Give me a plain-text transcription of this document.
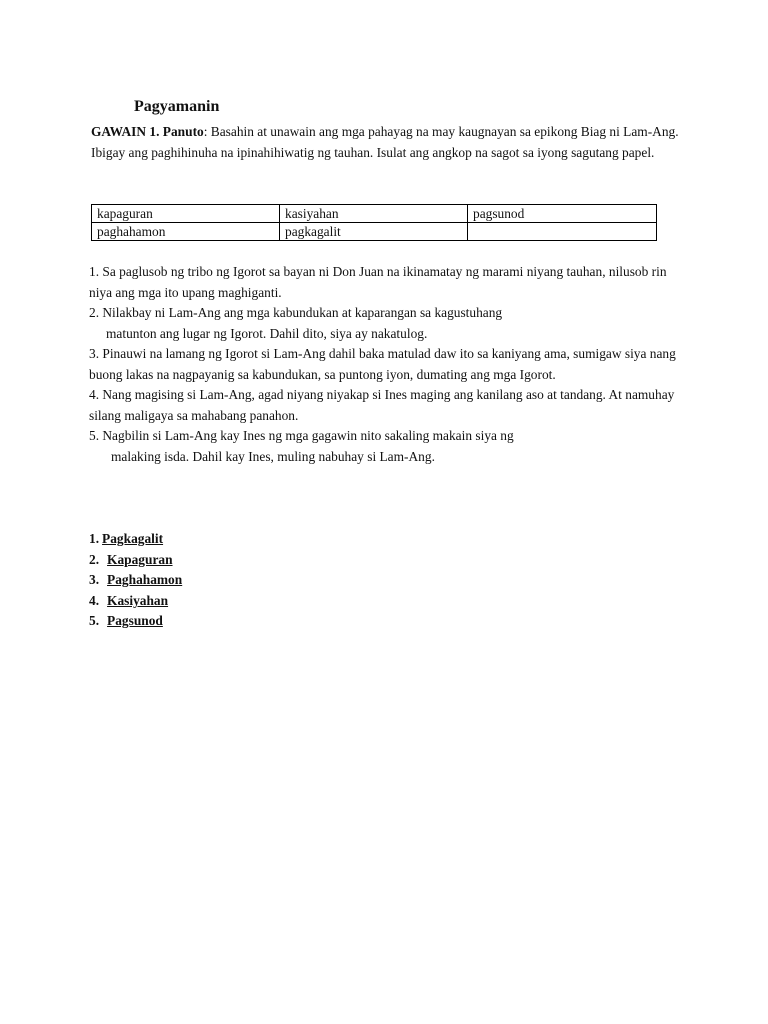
Pagyamanin

GAWAIN 1. Panuto: Basahin at unawain ang mga pahayag na may kaugnayan sa epikong Biag ni Lam-Ang. Ibigay ang paghihinuha na ipinahihiwatig ng tauhan. Isulat ang angkop na sagot sa iyong sagutang papel.

kapaguran	kasiyahan	pagsunod
paghahamon	pagkagalit	
1. Sa paglusob ng tribo ng Igorot sa bayan ni Don Juan na ikinamatay ng marami niyang tauhan, nilusob rin niya ang mga ito upang maghiganti.
2. Nilakbay ni Lam-Ang ang mga kabundukan at kaparangan sa kagustuhang
matunton ang lugar ng Igorot. Dahil dito, siya ay nakatulog.
3. Pinauwi na lamang ng Igorot si Lam-Ang dahil baka matulad daw ito sa kaniyang ama, sumigaw siya nang buong lakas na nagpayanig sa kabundukan, sa puntong iyon, dumating ang mga Igorot.
4. Nang magising si Lam-Ang, agad niyang niyakap si Ines maging ang kanilang aso at tandang. At namuhay silang maligaya sa mahabang panahon.
5. Nagbilin si Lam-Ang kay Ines ng mga gagawin nito sakaling makain siya ng
malaking isda. Dahil kay Ines, muling nabuhay si Lam-Ang.
1. Pagkagalit
2. Kapaguran
3. Paghahamon
4. Kasiyahan
5. Pagsunod
